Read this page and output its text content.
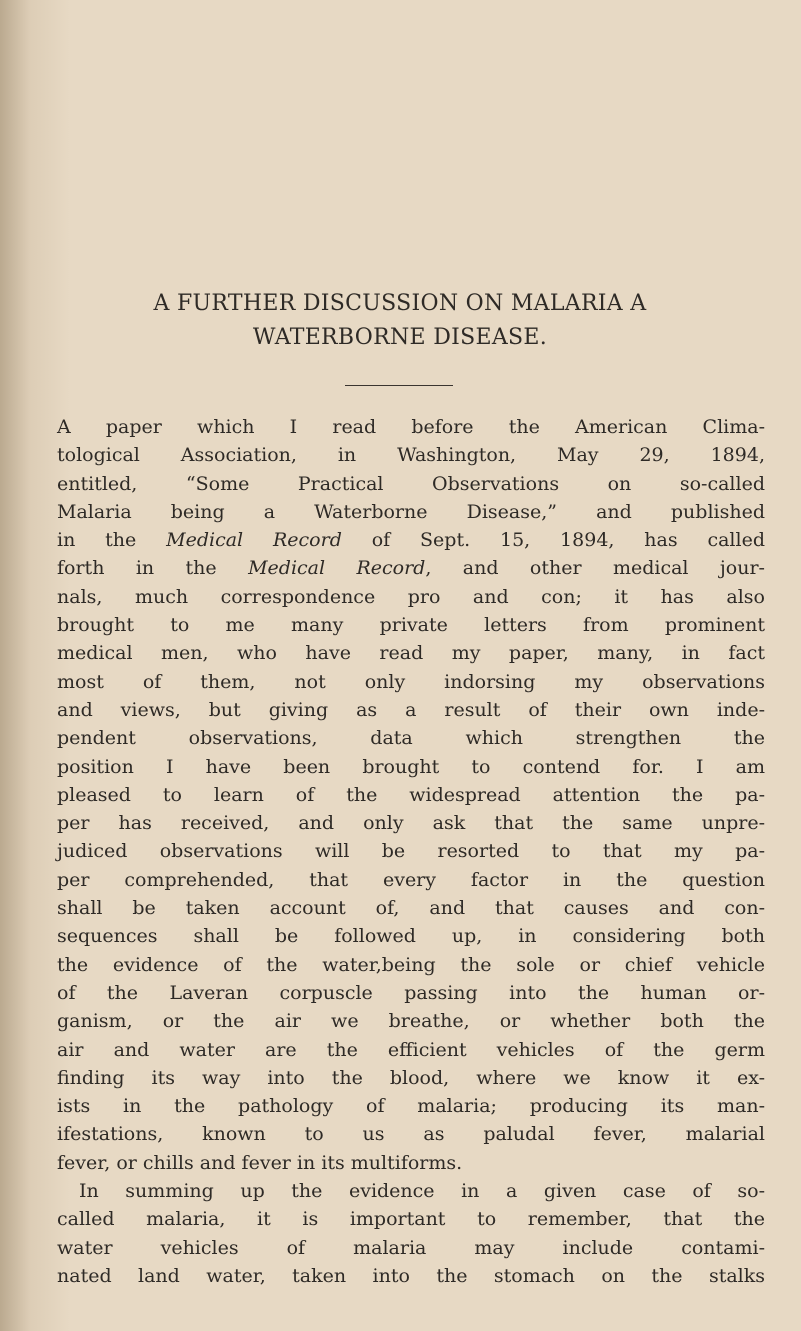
A FURTHER DISCUSSION ON MALARIA A
WATERBORNE DISEASE.
A paper which I read before the American Clima-
tological Association, in Washington, May 29, 1894,
entitled, “Some Practical Observations on so-called
Malaria being a Waterborne Disease,” and published
in the Medical Record of Sept. 15, 1894, has called
forth in the Medical Record, and other medical jour-
nals, much correspondence pro and con; it has also
brought to me many private letters from prominent
medical men, who have read my paper, many, in fact
most of them, not only indorsing my observations
and views, but giving as a result of their own inde-
pendent observations, data which strengthen the
position I have been brought to contend for. I am
pleased to learn of the widespread attention the pa-
per has received, and only ask that the same unpre-
judiced observations will be resorted to that my pa-
per comprehended, that every factor in the question
shall be taken account of, and that causes and con-
sequences shall be followed up, in considering both
the evidence of the water,being the sole or chief vehicle
of the Laveran corpuscle passing into the human or-
ganism, or the air we breathe, or whether both the
air and water are the efficient vehicles of the germ
finding its way into the blood, where we know it ex-
ists in the pathology of malaria; producing its man-
ifestations, known to us as paludal fever, malarial
fever, or chills and fever in its multiforms.
In summing up the evidence in a given case of so-
called malaria, it is important to remember, that the
water vehicles of malaria may include contami-
nated land water, taken into the stomach on the stalks
